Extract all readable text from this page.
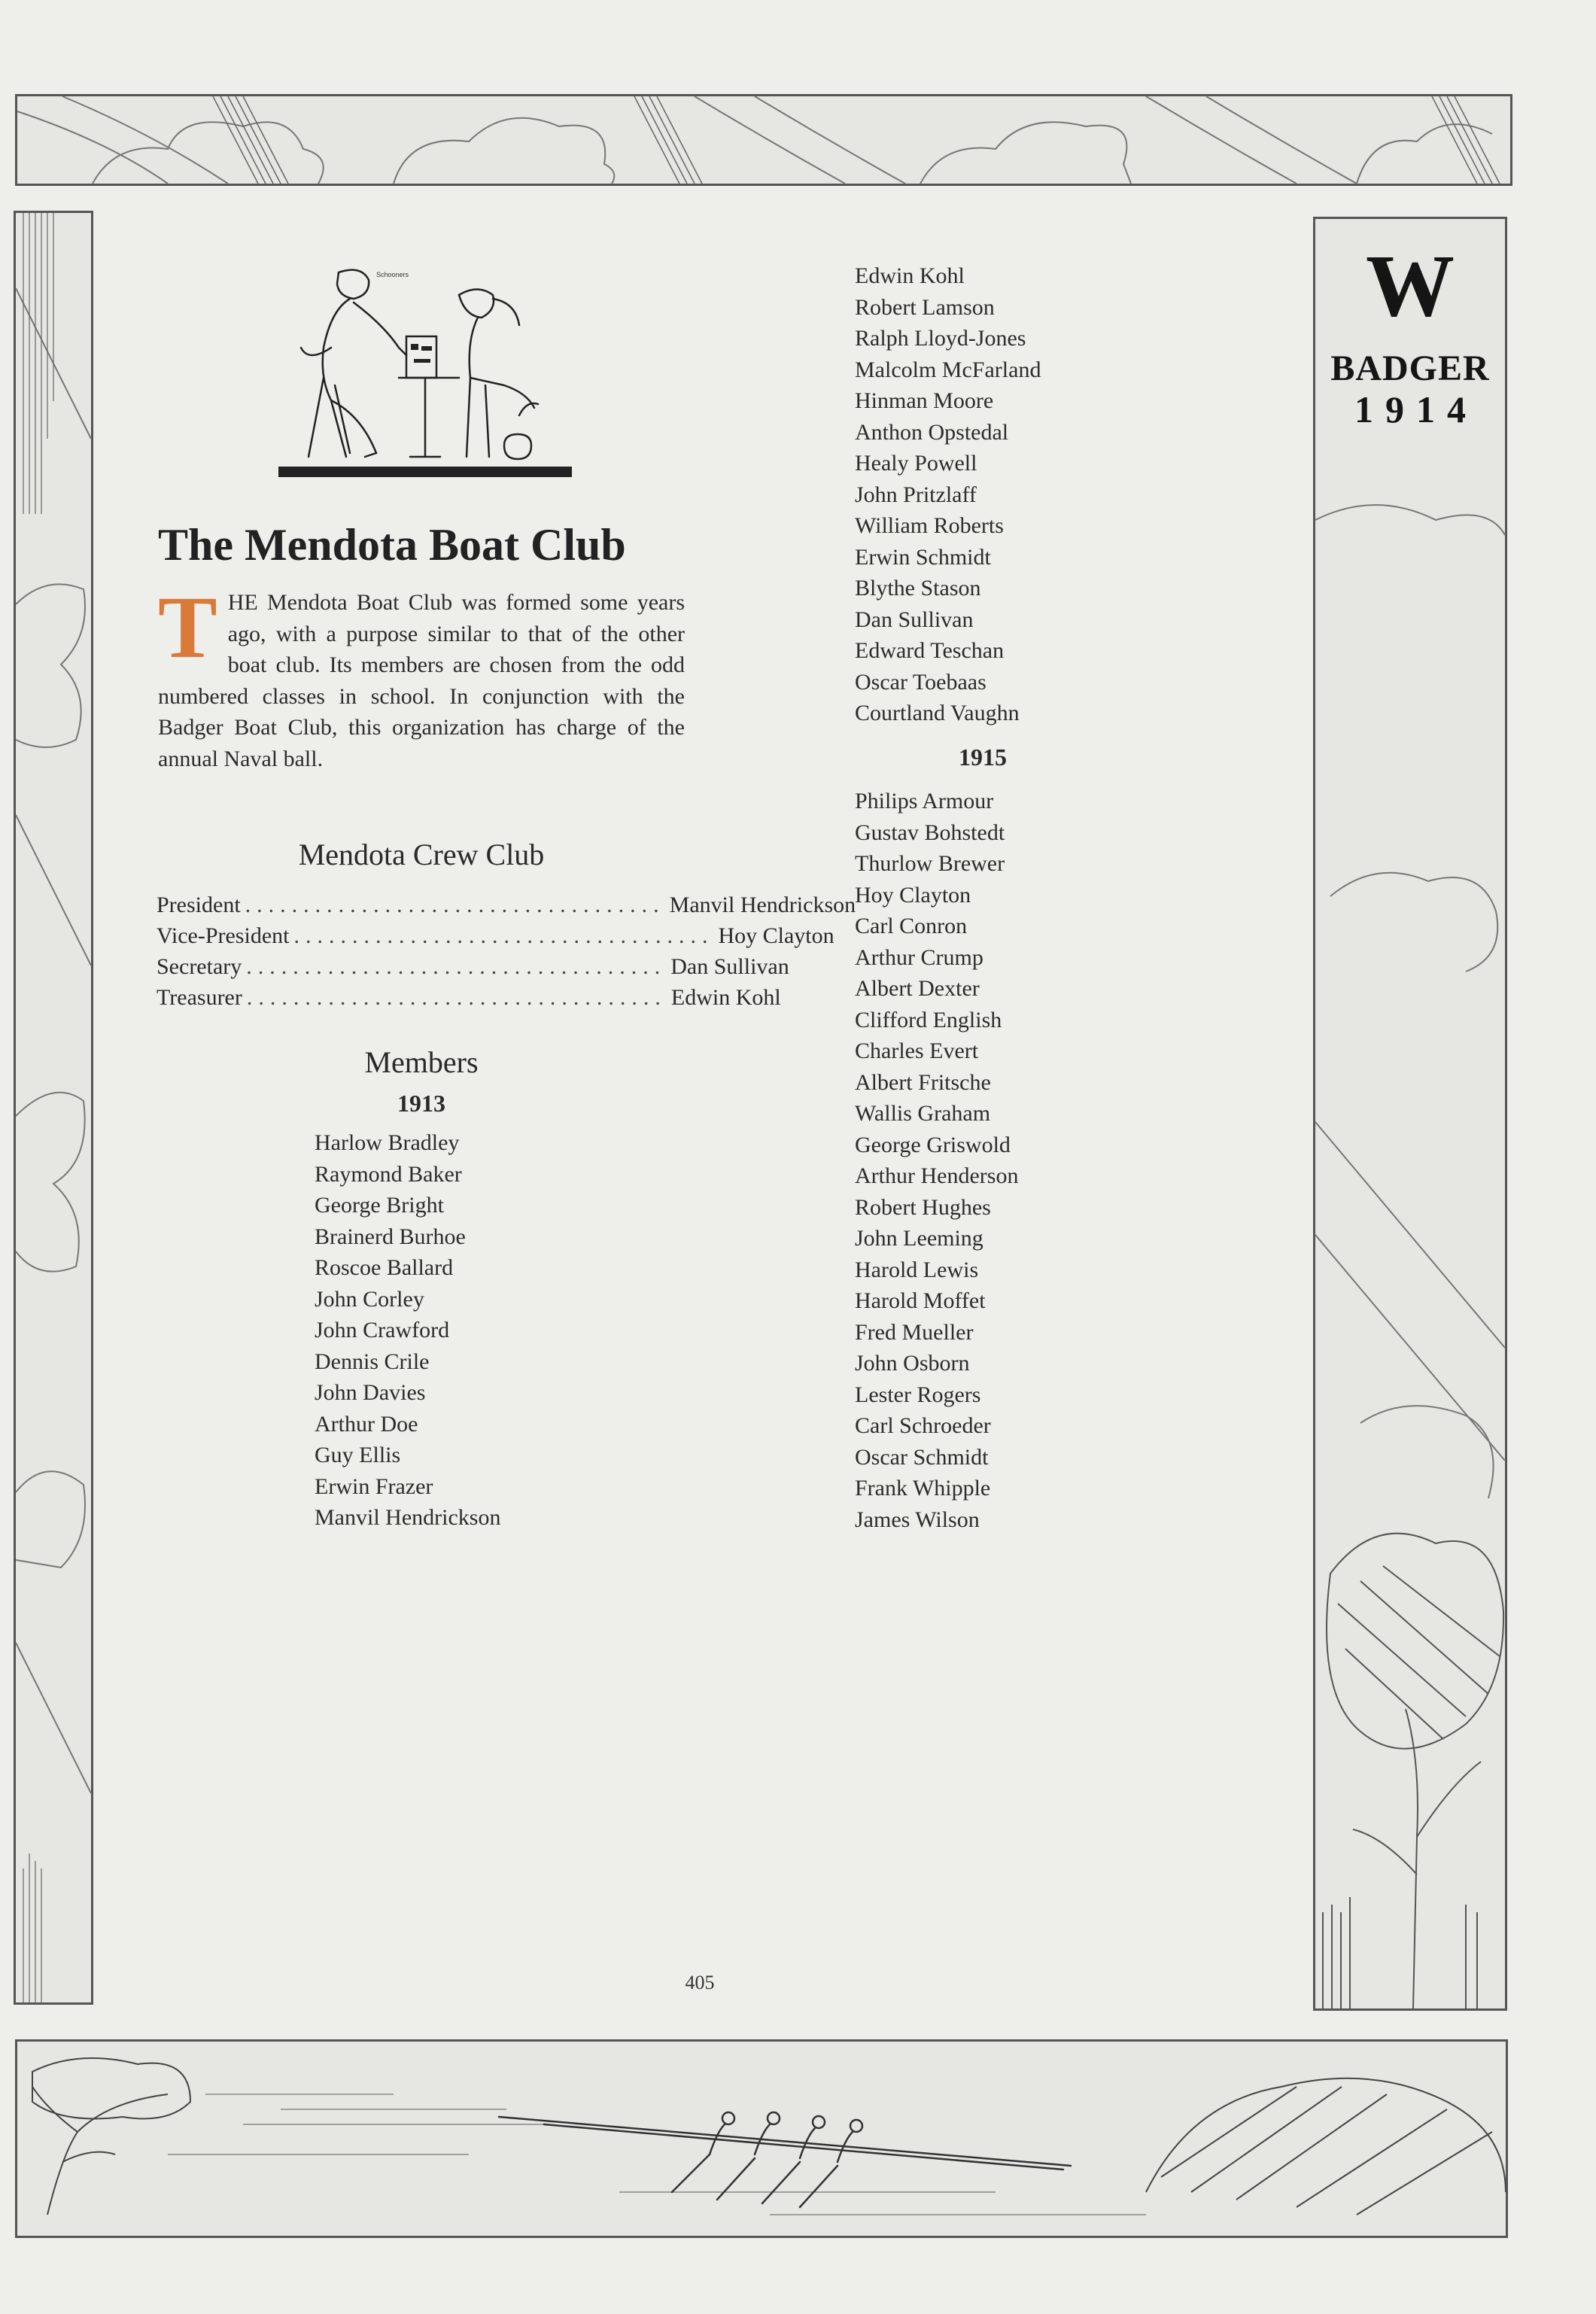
W
BADGER
1914
Schooners
The Mendota Boat Club
THE Mendota Boat Club was formed some years ago, with a purpose similar to that of the other boat club. Its members are chosen from the odd numbered classes in school. In conjunction with the Badger Boat Club, this organization has charge of the annual Naval ball.
Mendota Crew Club
President .................................... Manvil Hendrickson
Vice-President .................................... Hoy Clayton
Secretary .................................... Dan Sullivan
Treasurer .................................... Edwin Kohl
Members
1913
Harlow Bradley
Raymond Baker
George Bright
Brainerd Burhoe
Roscoe Ballard
John Corley
John Crawford
Dennis Crile
John Davies
Arthur Doe
Guy Ellis
Erwin Frazer
Manvil Hendrickson
Edwin Kohl
Robert Lamson
Ralph Lloyd-Jones
Malcolm McFarland
Hinman Moore
Anthon Opstedal
Healy Powell
John Pritzlaff
William Roberts
Erwin Schmidt
Blythe Stason
Dan Sullivan
Edward Teschan
Oscar Toebaas
Courtland Vaughn
1915
Philips Armour
Gustav Bohstedt
Thurlow Brewer
Hoy Clayton
Carl Conron
Arthur Crump
Albert Dexter
Clifford English
Charles Evert
Albert Fritsche
Wallis Graham
George Griswold
Arthur Henderson
Robert Hughes
John Leeming
Harold Lewis
Harold Moffet
Fred Mueller
John Osborn
Lester Rogers
Carl Schroeder
Oscar Schmidt
Frank Whipple
James Wilson
405
